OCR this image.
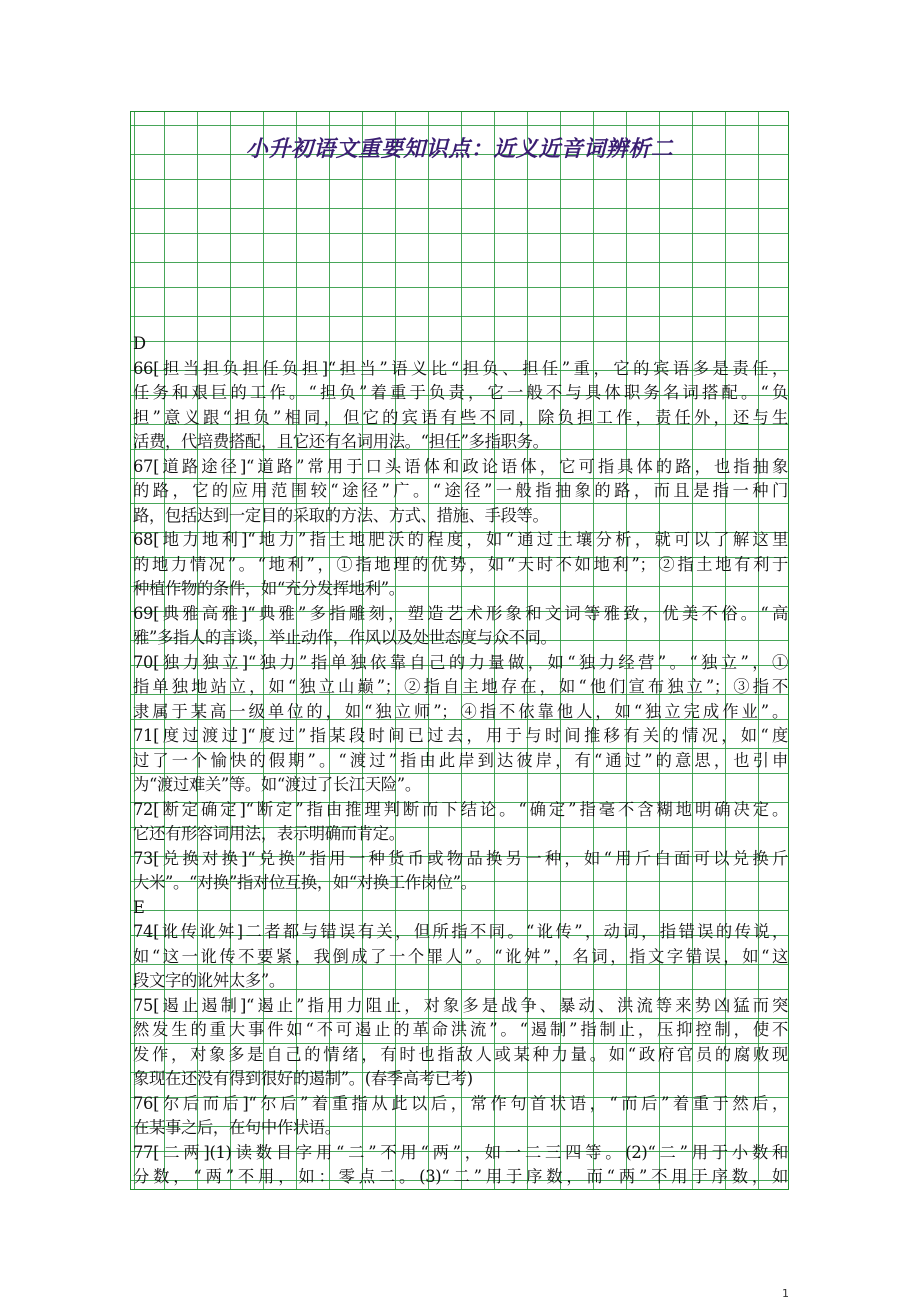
小升初语文重要知识点：近义近音词辨析二
D
66[担当担负担任负担]“担当”语义比“担负、担任”重，它的宾语多是责任，
任务和艰巨的工作。“担负”着重于负责，它一般不与具体职务名词搭配。“负
担”意义跟“担负”相同，但它的宾语有些不同，除负担工作，责任外，还与生
活费，代培费搭配，且它还有名词用法。“担任”多指职务。
67[道路途径]“道路”常用于口头语体和政论语体，它可指具体的路，也指抽象
的路，它的应用范围较“途径”广。“途径”一般指抽象的路，而且是指一种门
路，包括达到一定目的采取的方法、方式、措施、手段等。
68[地力地利]“地力”指土地肥沃的程度，如“通过土壤分析，就可以了解这里
的地力情况”。“地利”，①指地理的优势，如“天时不如地利”；②指土地有利于
种植作物的条件，如“充分发挥地利”。
69[典雅高雅]“典雅”多指雕刻，塑造艺术形象和文词等雅致，优美不俗。“高
雅”多指人的言谈，举止动作，作风以及处世态度与众不同。
70[独力独立]“独力”指单独依靠自己的力量做，如“独力经营”。“独立”，①
指单独地站立，如“独立山巅”；②指自主地存在，如“他们宣布独立”；③指不
隶属于某高一级单位的，如“独立师”；④指不依靠他人，如“独立完成作业”。
71[度过渡过]“度过”指某段时间已过去，用于与时间推移有关的情况，如“度
过了一个愉快的假期”。“渡过”指由此岸到达彼岸，有“通过”的意思，也引申
为“渡过难关”等。如“渡过了长江天险”。
72[断定确定]“断定”指由推理判断而下结论。“确定”指毫不含糊地明确决定。
它还有形容词用法，表示明确而肯定。
73[兑换对换]“兑换”指用一种货币或物品换另一种，如“用斤白面可以兑换斤
大米”。“对换”指对位互换，如“对换工作岗位”。
E
74[讹传讹舛]二者都与错误有关，但所指不同。“讹传”，动词，指错误的传说，
如“这一讹传不要紧，我倒成了一个罪人”。“讹舛”，名词，指文字错误，如“这
段文字的讹舛太多”。
75[遏止遏制]“遏止”指用力阻止，对象多是战争、暴动、洪流等来势凶猛而突
然发生的重大事件如“不可遏止的革命洪流”。“遏制”指制止，压抑控制，使不
发作，对象多是自己的情绪，有时也指敌人或某种力量。如“政府官员的腐败现
象现在还没有得到很好的遏制”。(春季高考已考)
76[尔后而后]“尔后”着重指从此以后，常作句首状语，“而后”着重于然后，
在某事之后，在句中作状语。
77[二两](1)读数目字用“二”不用“两”，如一二三四等。(2)“二”用于小数和
分数，“两”不用，如：零点二。(3)“二”用于序数，而“两”不用于序数，如
1
